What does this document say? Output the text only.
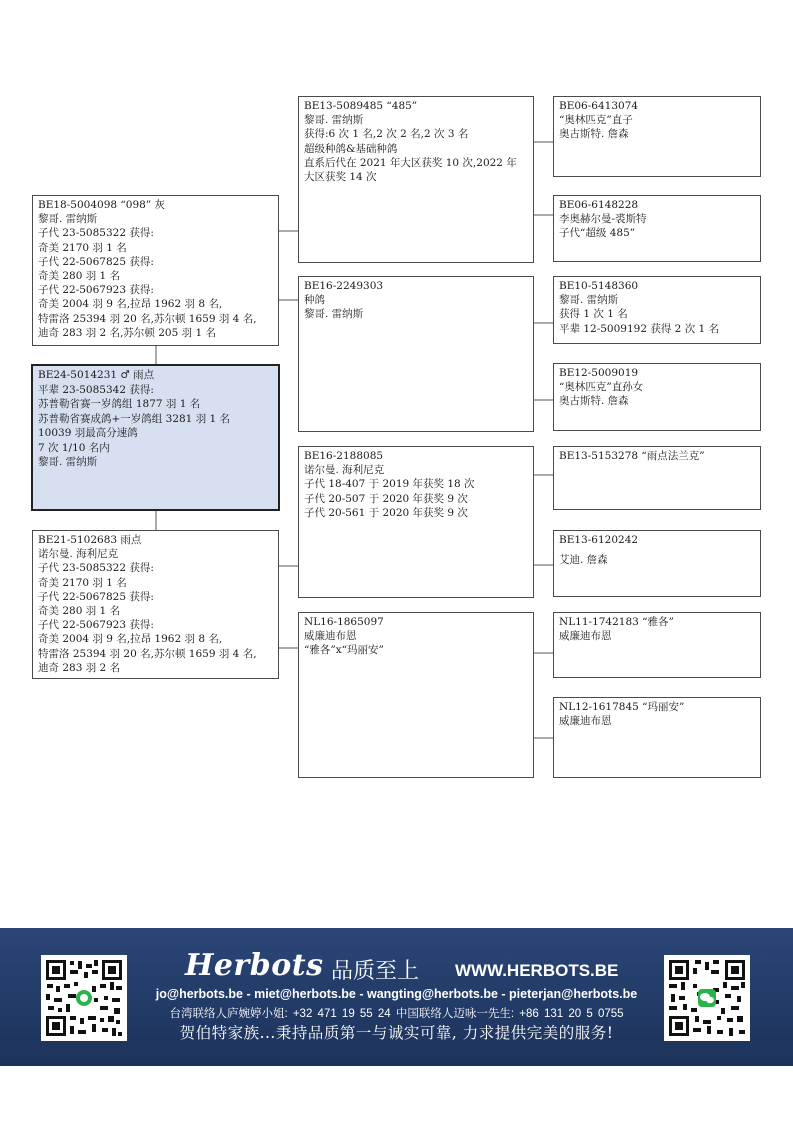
BE18-5004098 “098” 灰
黎哥. 雷纳斯
子代 23-5085322 获得:
奇美 2170 羽 1 名
子代 22-5067825 获得:
奇美 280 羽 1 名
子代 22-5067923 获得:
奇美 2004 羽 9 名,拉昂 1962 羽 8 名,
特雷洛 25394 羽 20 名,苏尔顿 1659 羽 4 名,
迪奇 283 羽 2 名,苏尔顿 205 羽 1 名
BE24-5014231 ♂ 雨点
平辈 23-5085342 获得:
苏普勒省赛一岁鸽组 1877 羽 1 名
苏普勒省赛成鸽+一岁鸽组 3281 羽 1 名
10039 羽最高分速鸽
7 次 1/10 名内
黎哥. 雷纳斯
BE21-5102683 雨点
诺尔曼. 海利尼克
子代 23-5085322 获得:
奇美 2170 羽 1 名
子代 22-5067825 获得:
奇美 280 羽 1 名
子代 22-5067923 获得:
奇美 2004 羽 9 名,拉昂 1962 羽 8 名,
特雷洛 25394 羽 20 名,苏尔顿 1659 羽 4 名,
迪奇 283 羽 2 名
BE13-5089485 “485”
黎哥. 雷纳斯
获得:6 次 1 名,2 次 2 名,2 次 3 名
超级种鸽&基础种鸽
直系后代在 2021 年大区获奖 10 次,2022 年
大区获奖 14 次
BE16-2249303
种鸽
黎哥. 雷纳斯
BE16-2188085
诺尔曼. 海利尼克
子代 18-407 于 2019 年获奖 18 次
子代 20-507 于 2020 年获奖 9 次
子代 20-561 于 2020 年获奖 9 次
NL16-1865097
威廉迪布恩
“雅各”x“玛丽安”
BE06-6413074
“奥林匹克”直子
奥古斯特. 詹森
BE06-6148228
李奥赫尔曼-裘斯特
子代“超级 485”
BE10-5148360
黎哥. 雷纳斯
获得 1 次 1 名
平辈 12-5009192 获得 2 次 1 名
BE12-5009019
“奥林匹克”直孙女
奥古斯特. 詹森
BE13-5153278 “雨点法兰克”
BE13-6120242
艾迪. 詹森
NL11-1742183 “雅各”
威廉迪布恩
NL12-1617845 “玛丽安”
威廉迪布恩
Herbots 品质至上 WWW.HERBOTS.BE
jo@herbots.be - miet@herbots.be - wangting@herbots.be - pieterjan@herbots.be
台湾联络人庐婉婷小姐: +32 471 19 55 24 中国联络人迈咏一先生: +86 131 20 5 0755
贺伯特家族...秉持品质第一与诚实可靠, 力求提供完美的服务!
